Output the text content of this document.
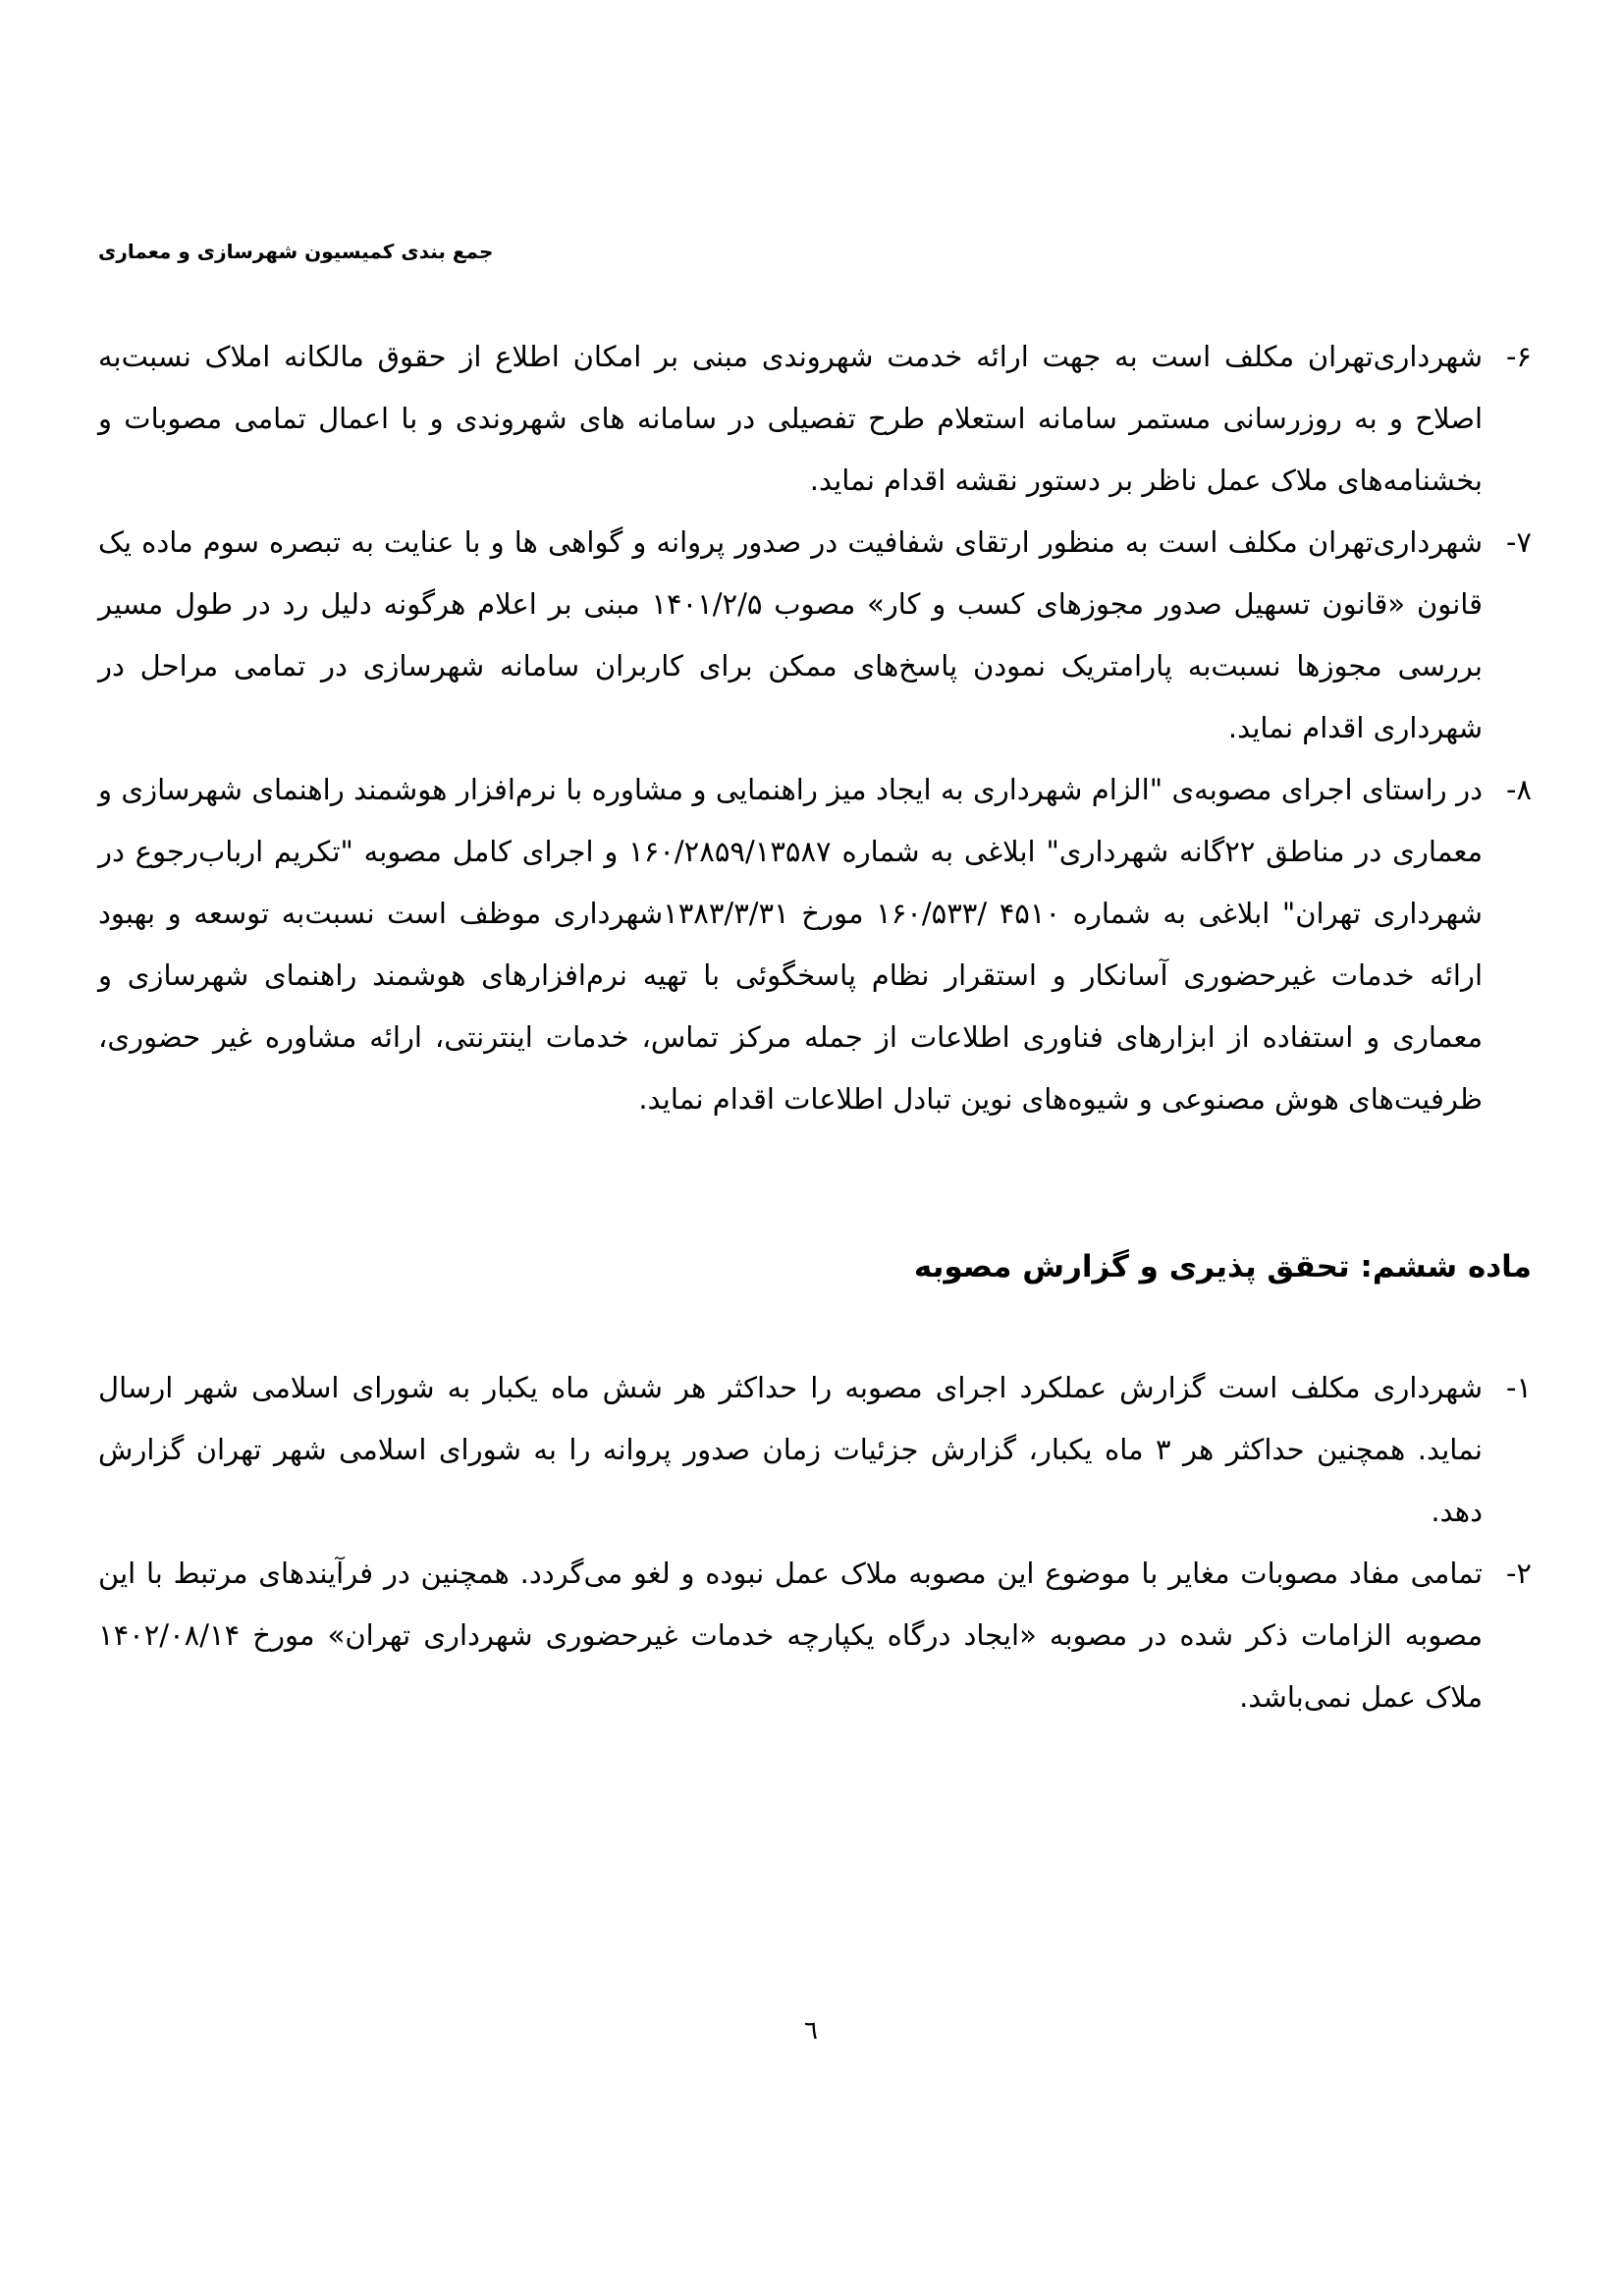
جمع بندی کمیسیون شهرسازی و معماری
۶-

شهرداری‌تهران مکلف است به جهت ارائه خدمت شهروندی مبنی بر امکان اطلاع از حقوق مالکانه املاک نسبت‌به اصلاح و به روزرسانی مستمر سامانه استعلام طرح تفصیلی در سامانه های شهروندی و با اعمال تمامی مصوبات و بخشنامه‌های ملاک عمل ناظر بر دستور نقشه اقدام نماید.

۷-

شهرداری‌تهران مکلف است به منظور ارتقای شفافیت در صدور پروانه و گواهی ها و با عنایت به تبصره سوم ماده یک قانون «قانون تسهیل صدور مجوزهای کسب و کار» مصوب ۱۴۰۱/۲/۵ مبنی بر اعلام هرگونه دلیل رد در طول مسیر بررسی مجوزها نسبت‌به پارامتریک نمودن پاسخ‌های ممکن برای کاربران سامانه شهرسازی در تمامی مراحل در شهرداری اقدام نماید.

۸-

در راستای اجرای مصوبه‌ی "الزام شهرداری به ایجاد میز راهنمایی و مشاوره با نرم‌افزار هوشمند راهنمای شهرسازی و معماری در مناطق ۲۲گانه شهرداری" ابلاغی به شماره ۱۶۰/۲۸۵۹/۱۳۵۸۷ و اجرای کامل مصوبه "تکریم ارباب‌رجوع در شهرداری تهران" ابلاغی به شماره ⁦۱۶۰/۵۳۳/ ۴۵۱۰⁩ مورخ ۱۳۸۳/۳/۳۱شهرداری موظف است نسبت‌به توسعه و بهبود ارائه خدمات غیرحضوری آسانکار و استقرار نظام پاسخگوئی با تهیه نرم‌افزارهای هوشمند راهنمای شهرسازی و معماری و استفاده از ابزارهای فناوری اطلاعات از جمله مرکز تماس، خدمات اینترنتی، ارائه مشاوره غیر حضوری، ظرفیت‌های هوش مصنوعی و شیوه‌های نوین تبادل اطلاعات اقدام نماید.

ماده ششم: تحقق پذیری و گزارش مصوبه
۱-

شهرداری مکلف است گزارش عملکرد اجرای مصوبه را حداکثر هر شش ماه یکبار به شورای اسلامی شهر ارسال نماید. همچنین حداکثر هر ۳ ماه یکبار، گزارش جزئیات زمان صدور پروانه را به شورای اسلامی شهر تهران گزارش دهد.

۲-

تمامی مفاد مصوبات مغایر با موضوع این مصوبه ملاک عمل نبوده و لغو می‌گردد. همچنین در فرآیندهای مرتبط با این مصوبه الزامات ذکر شده در مصوبه «ایجاد درگاه یکپارچه خدمات غیرحضوری شهرداری تهران» مورخ ۱۴۰۲/۰۸/۱۴ ملاک عمل نمی‌باشد.

٦
